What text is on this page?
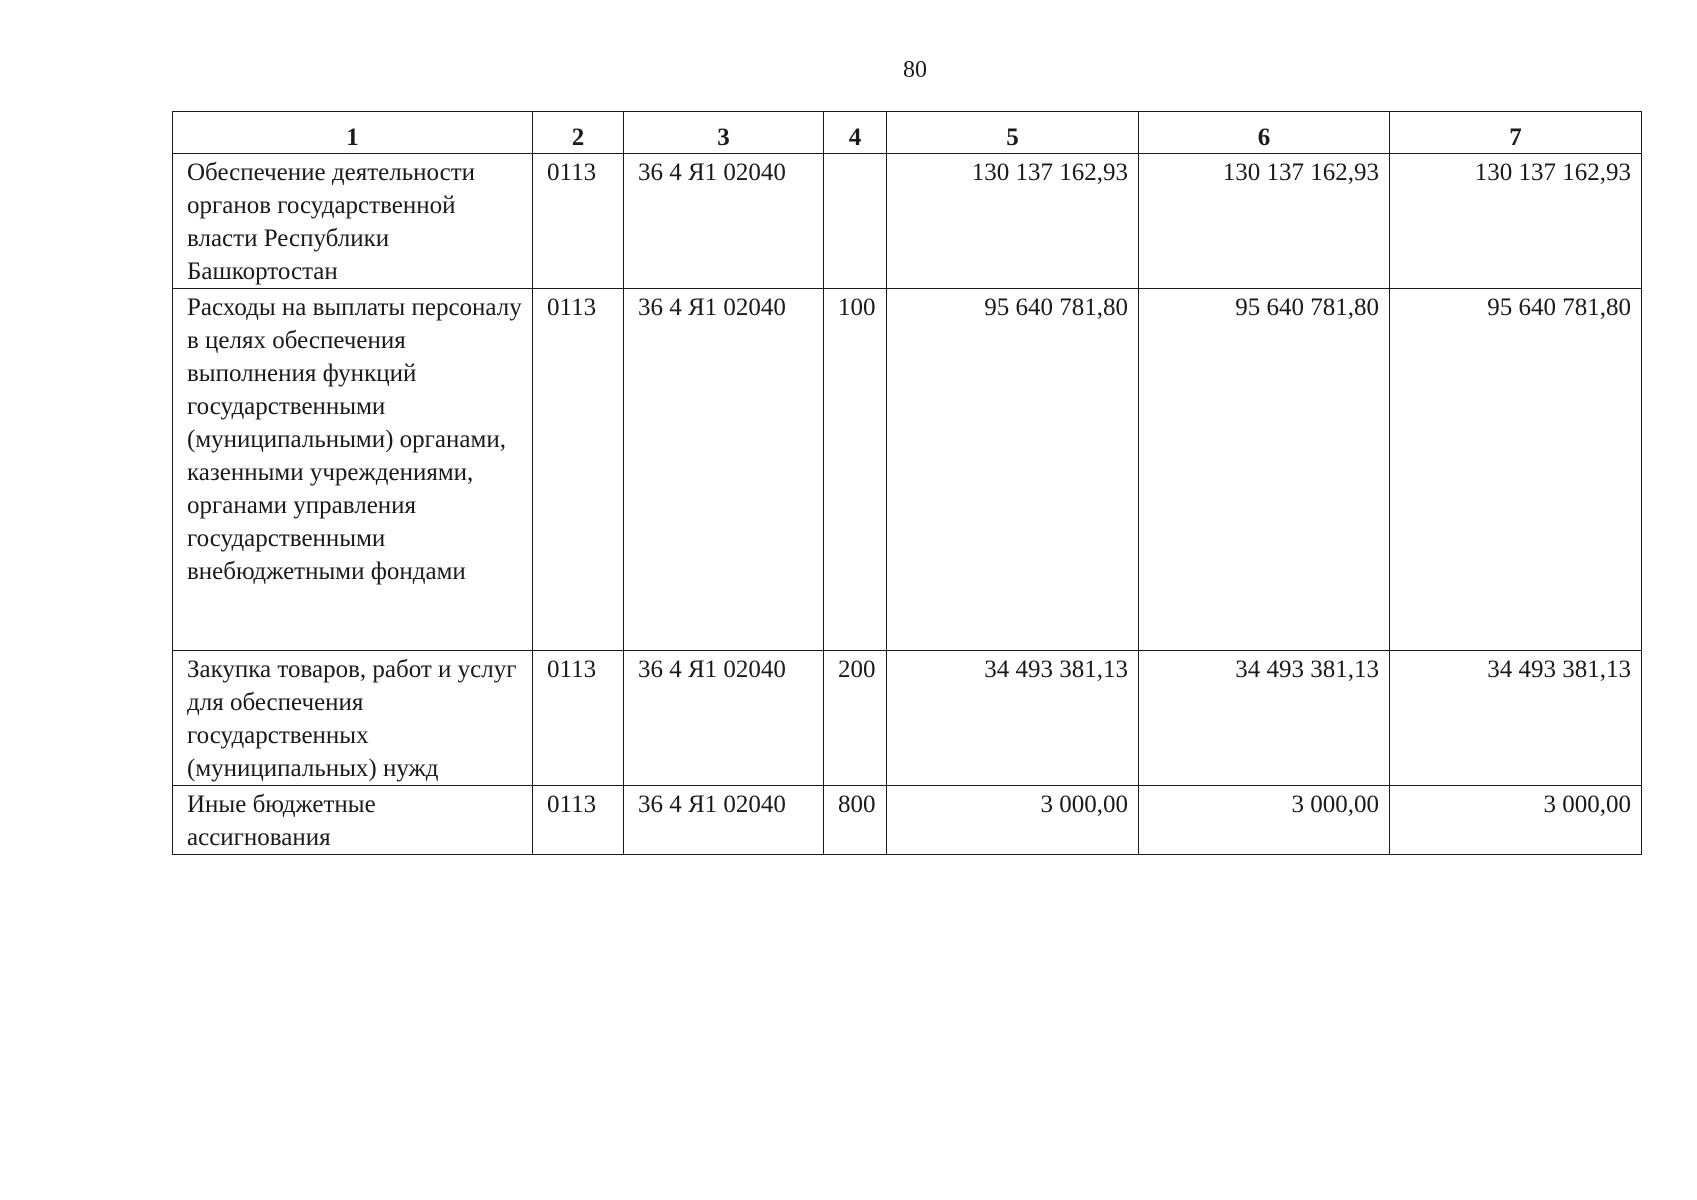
80
1	2	3	4	5	6	7
Обеспечение деятельности органов государственной власти Республики Башкортостан	0113	36 4 Я1 02040		130 137 162,93	130 137 162,93	130 137 162,93
Расходы на выплаты персоналу в целях обеспечения выполнения функций государственными (муниципальными) органами, казенными учреждениями, органами управления государственными внебюджетными фондами	0113	36 4 Я1 02040	100	95 640 781,80	95 640 781,80	95 640 781,80
Закупка товаров, работ и услуг для обеспечения государственных (муниципальных) нужд	0113	36 4 Я1 02040	200	34 493 381,13	34 493 381,13	34 493 381,13
Иные бюджетные ассигнования	0113	36 4 Я1 02040	800	3 000,00	3 000,00	3 000,00
